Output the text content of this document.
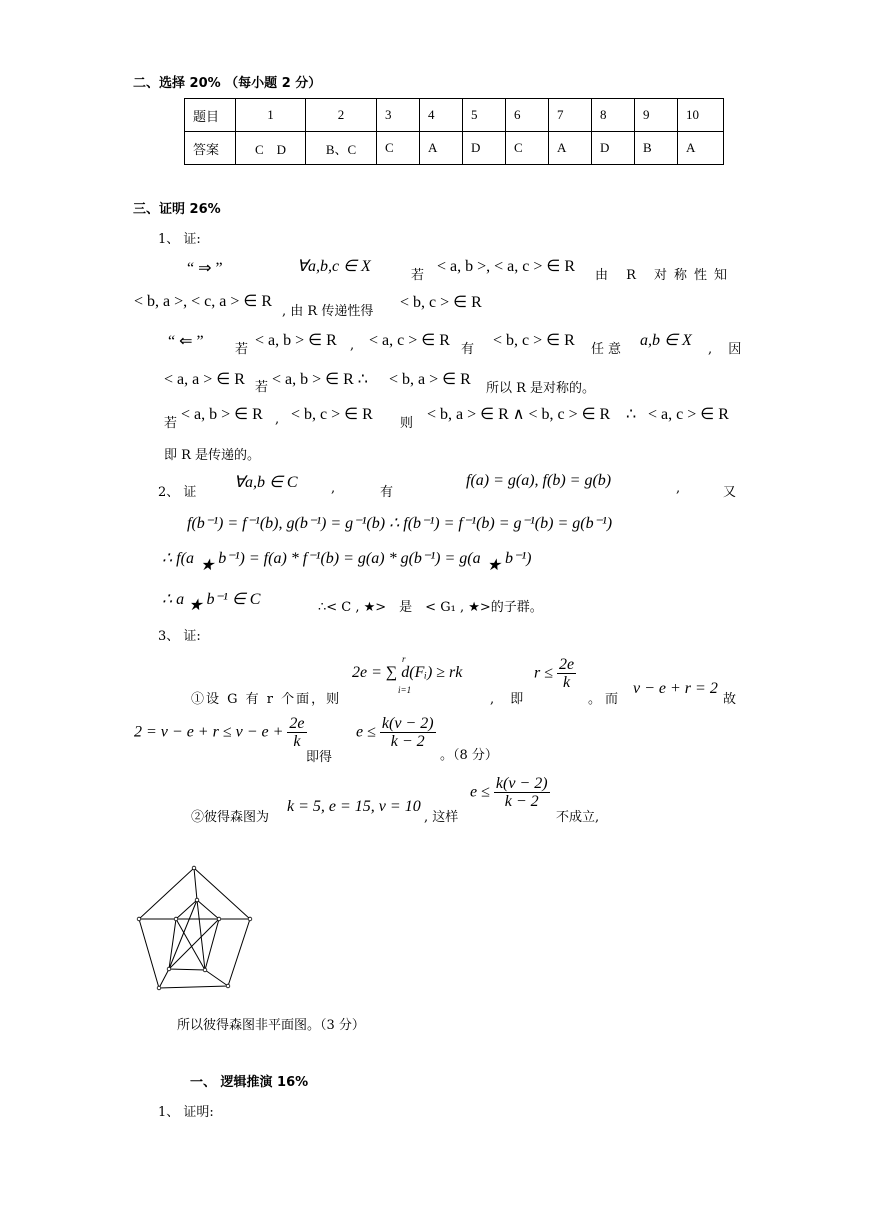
二、选择 20% （每小题 2 分）
题目	1	2	3	4	5	6	7	8	9	10
答案	C　D	B、C	C	A	D	C	A	D	B	A
三、证明 26%
1、 证:
“ ⇒ ”	∀a,b,c ∈ X
若
< a, b >, < a, c > ∈ R
由 R 对称性知
< b, a >, < c, a > ∈ R
, 由 R 传递性得
< b, c > ∈ R
“ ⇐ ” 若
< a, b > ∈ R , < a, c > ∈ R
有
< b, c > ∈ R
任意
a,b ∈ X
, 因
< a, a > ∈ R 若 < a, b > ∈ R ∴ < b, a > ∈ R
所以 R 是对称的。
若
< a, b > ∈ R , < b, c > ∈ R
则
< b, a > ∈ R ∧ < b, c > ∈ R ∴ < a, c > ∈ R
即 R 是传递的。
2、 证
∀a,b ∈ C	,	有
f(a) = g(a), f(b) = g(b)	,	又
f(b⁻¹) = f⁻¹(b), g(b⁻¹) = g⁻¹(b) ∴ f(b⁻¹) = f⁻¹(b) = g⁻¹(b) = g(b⁻¹)
∴ f(a ★ b⁻¹) = f(a) * f⁻¹(b) = g(a) * g(b⁻¹) = g(a ★ b⁻¹)
∴ a ★ b⁻¹ ∈ C	∴< C , ★>　是　< G₁ , ★>的子群。
3、 证:
①设 G 有 r 个面，则
r
2e = ∑ d(Fᵢ) ≥ rk
i=1
, 即
$r \le \frac{2e}{k}$
。而
v − e + r = 2
故
$2 = v - e + r \le v - e + \frac{2e}{k}$
即得
$e \le \frac{k(v - 2)}{k - 2}$
。（8 分）
②彼得森图为
k = 5, e = 15, v = 10
, 这样
$e \le \frac{k(v - 2)}{k - 2}$
不成立,
所以彼得森图非平面图。（3 分）
一、 逻辑推演 16%
1、 证明:
